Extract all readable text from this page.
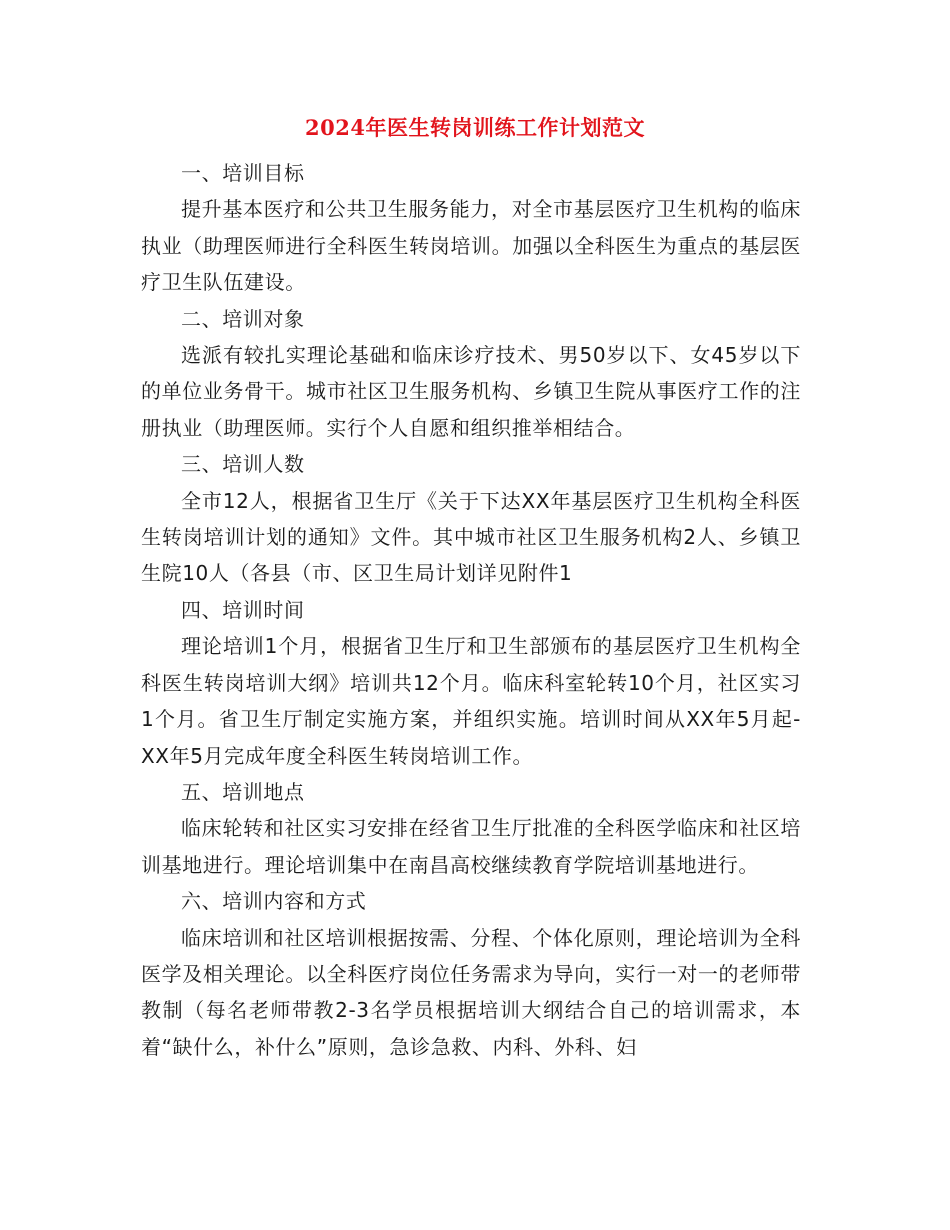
2024年医生转岗训练工作计划范文

一、培训目标

提升基本医疗和公共卫生服务能力，对全市基层医疗卫生机构的临床执业（助理医师进行全科医生转岗培训。加强以全科医生为重点的基层医疗卫生队伍建设。

二、培训对象

选派有较扎实理论基础和临床诊疗技术、男50岁以下、女45岁以下的单位业务骨干。城市社区卫生服务机构、乡镇卫生院从事医疗工作的注册执业（助理医师。实行个人自愿和组织推举相结合。

三、培训人数

全市12人，根据省卫生厅《关于下达XX年基层医疗卫生机构全科医生转岗培训计划的通知》文件。其中城市社区卫生服务机构2人、乡镇卫生院10人（各县（市、区卫生局计划详见附件1

四、培训时间

理论培训1个月，根据省卫生厅和卫生部颁布的基层医疗卫生机构全科医生转岗培训大纲》培训共12个月。临床科室轮转10个月，社区实习1个月。省卫生厅制定实施方案，并组织实施。培训时间从XX年5月起-XX年5月完成年度全科医生转岗培训工作。

五、培训地点

临床轮转和社区实习安排在经省卫生厅批准的全科医学临床和社区培训基地进行。理论培训集中在南昌高校继续教育学院培训基地进行。

六、培训内容和方式

临床培训和社区培训根据按需、分程、个体化原则，理论培训为全科医学及相关理论。以全科医疗岗位任务需求为导向，实行一对一的老师带教制（每名老师带教2-3名学员根据培训大纲结合自己的培训需求，本着“缺什么，补什么”原则，急诊急救、内科、外科、妇
